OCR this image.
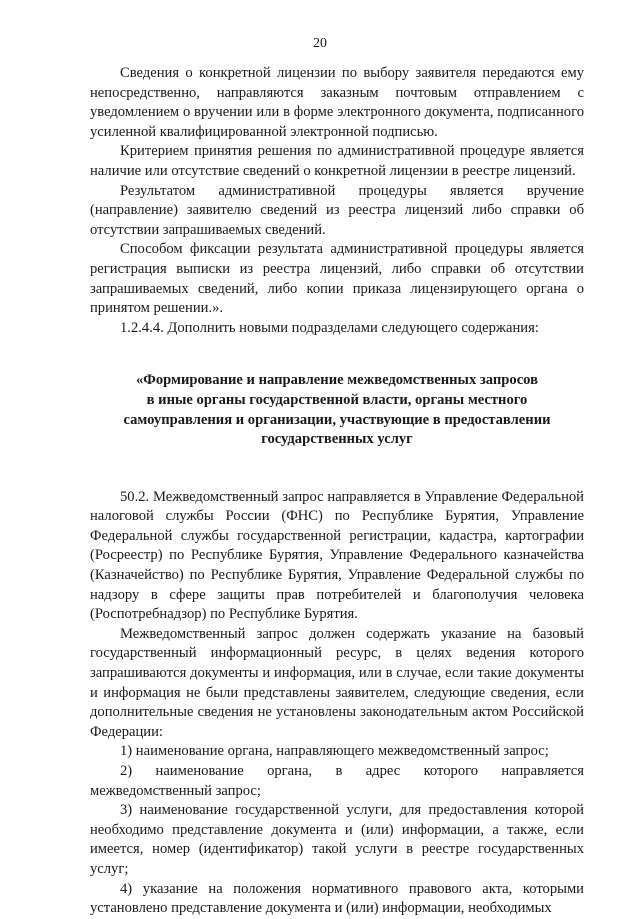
20

Сведения о конкретной лицензии по выбору заявителя передаются ему непосредственно, направляются заказным почтовым отправлением с уведомлением о вручении или в форме электронного документа, подписанного усиленной квалифицированной электронной подписью.

Критерием принятия решения по административной процедуре является наличие или отсутствие сведений о конкретной лицензии в реестре лицензий.

Результатом административной процедуры является вручение (направление) заявителю сведений из реестра лицензий либо справки об отсутствии запрашиваемых сведений.

Способом фиксации результата административной процедуры является регистрация выписки из реестра лицензий, либо справки об отсутствии запрашиваемых сведений, либо копии приказа лицензирующего органа о принятом решении.».

1.2.4.4. Дополнить новыми подразделами следующего содержания:

«Формирование и направление межведомственных запросов
в иные органы государственной власти, органы местного
самоуправления и организации, участвующие в предоставлении
государственных услуг

50.2. Межведомственный запрос направляется в Управление Федеральной налоговой службы России (ФНС) по Республике Бурятия, Управление Федеральной службы государственной регистрации, кадастра, картографии (Росреестр) по Республике Бурятия, Управление Федерального казначейства (Казначейство) по Республике Бурятия, Управление Федеральной службы по надзору в сфере защиты прав потребителей и благополучия человека (Роспотребнадзор) по Республике Бурятия.

Межведомственный запрос должен содержать указание на базовый государственный информационный ресурс, в целях ведения которого запрашиваются документы и информация, или в случае, если такие документы и информация не были представлены заявителем, следующие сведения, если дополнительные сведения не установлены законодательным актом Российской Федерации:

1) наименование органа, направляющего межведомственный запрос;

2) наименование органа, в адрес которого направляется межведомственный запрос;

3) наименование государственной услуги, для предоставления которой необходимо представление документа и (или) информации, а также, если имеется, номер (идентификатор) такой услуги в реестре государственных услуг;

4) указание на положения нормативного правового акта, которыми установлено представление документа и (или) информации, необходимых
